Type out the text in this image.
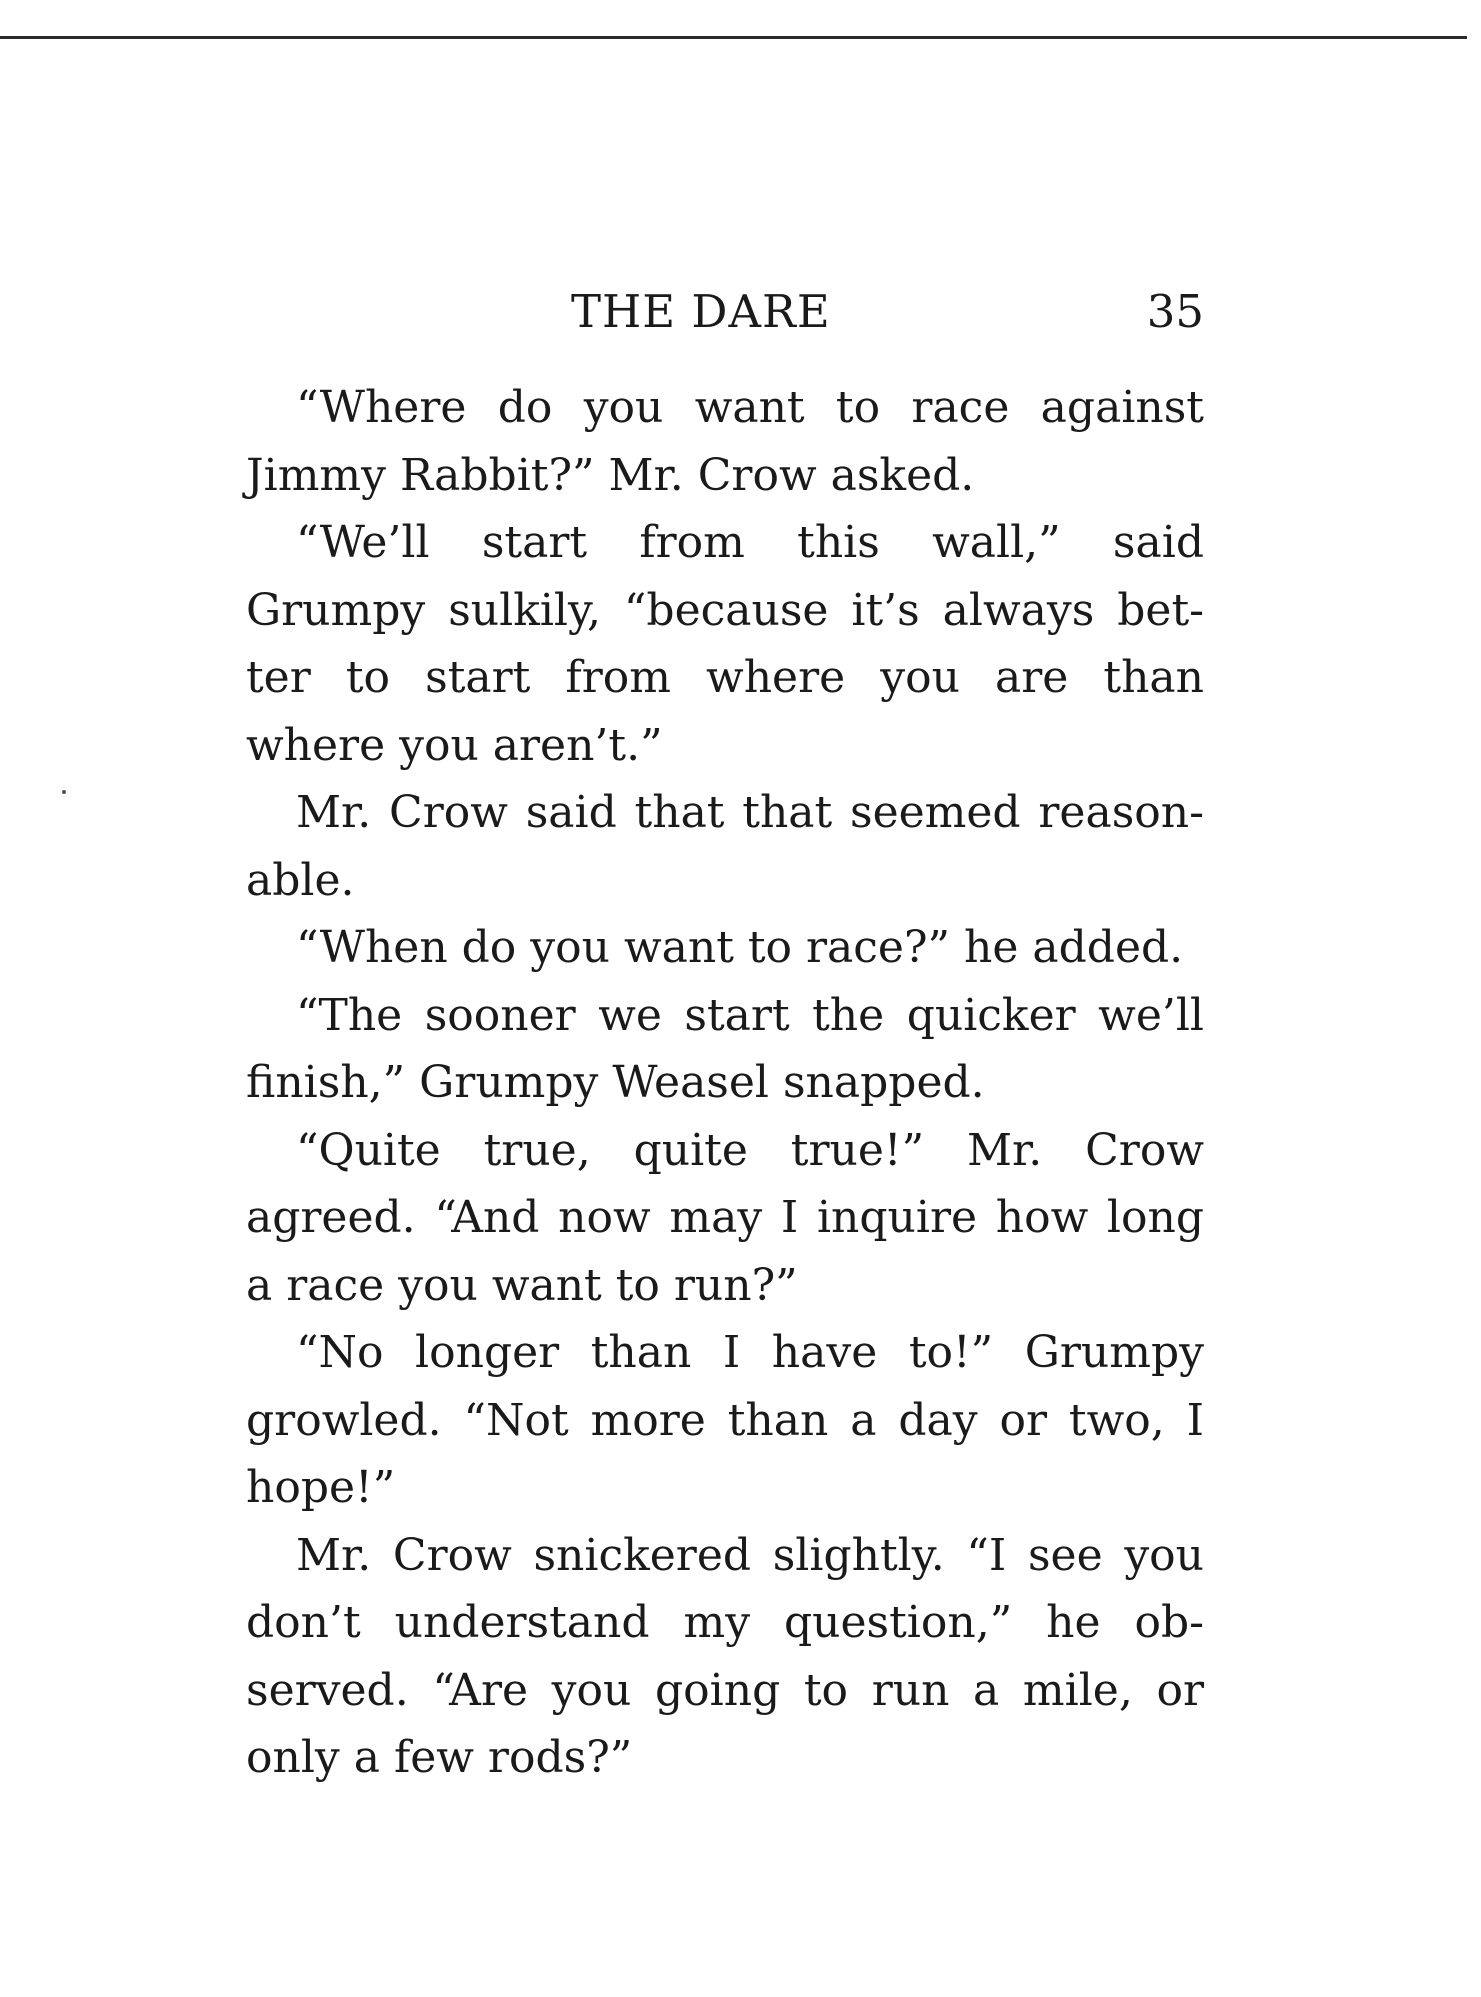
THE DARE	35

“Where do you want to race against Jimmy Rabbit?” Mr. Crow asked.

“We’ll start from this wall,” said Grumpy sulkily, “because it’s always better to start from where you are than where you aren’t.”

Mr. Crow said that that seemed reasonable.

“When do you want to race?” he added.

“The sooner we start the quicker we’ll finish,” Grumpy Weasel snapped.

“Quite true, quite true!” Mr. Crow agreed. “And now may I inquire how long a race you want to run?”

“No longer than I have to!” Grumpy growled. “Not more than a day or two, I hope!”

Mr. Crow snickered slightly. “I see you don’t understand my question,” he observed. “Are you going to run a mile, or only a few rods?”
